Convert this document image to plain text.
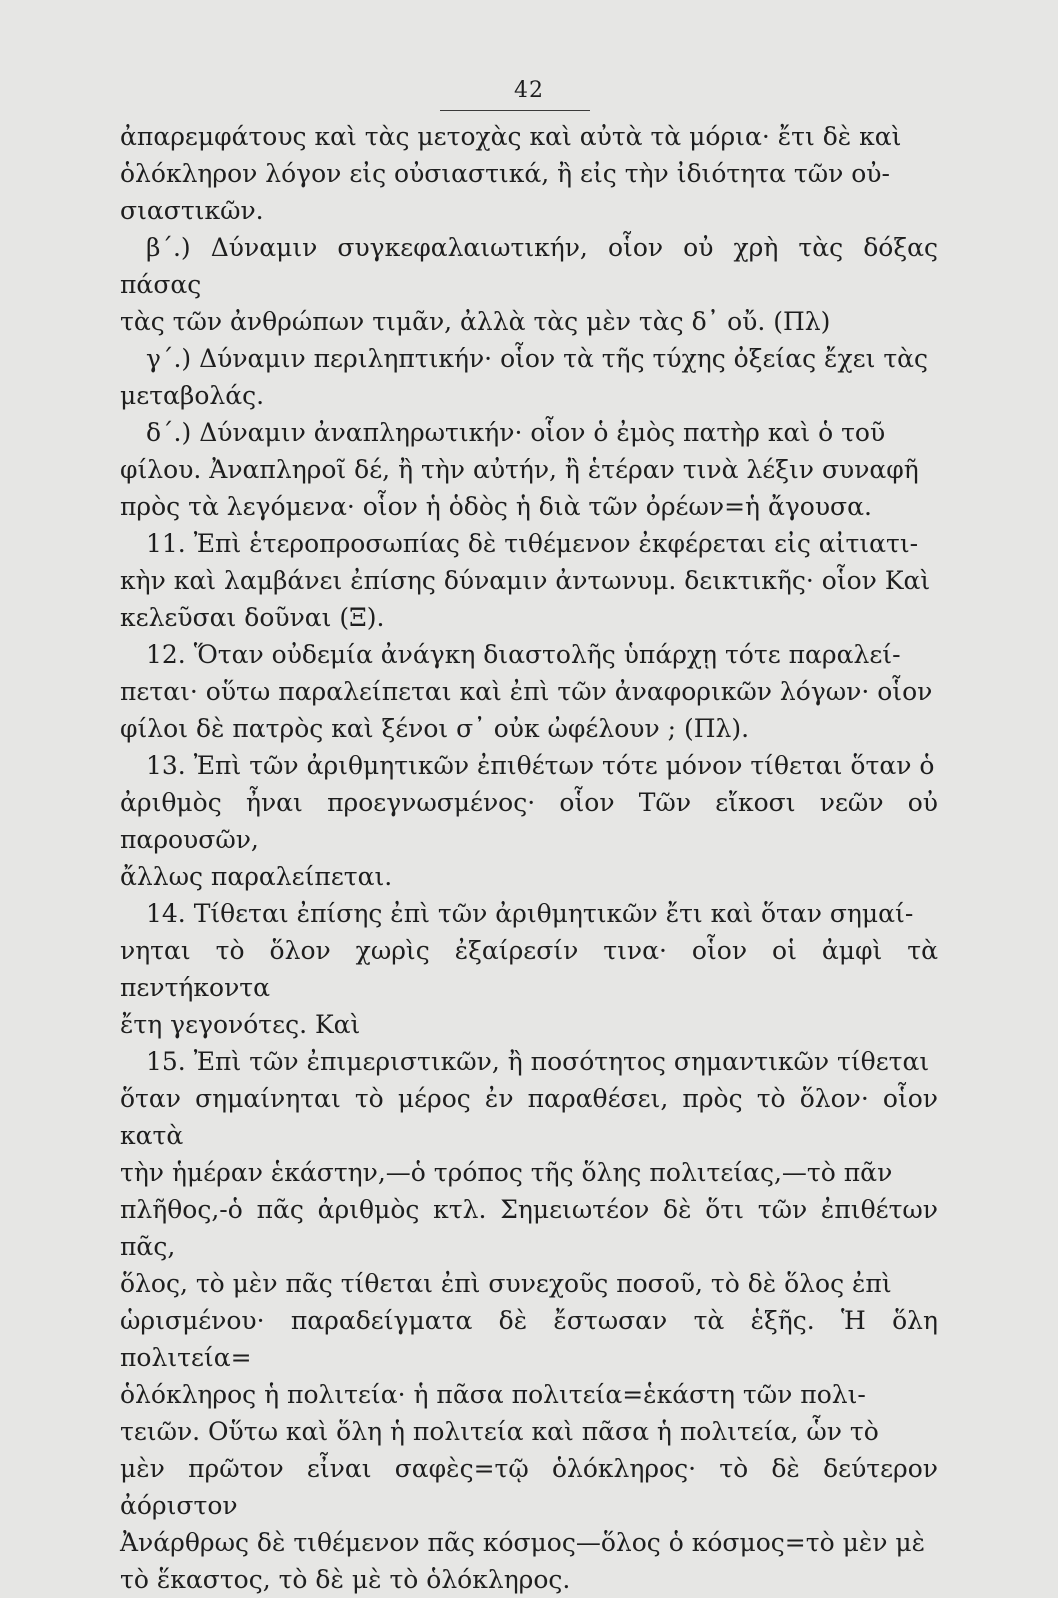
42

ἀπαρεμφάτους καὶ τὰς μετοχὰς καὶ αὐτὰ τὰ μόρια· ἔτι δὲ καὶ

ὁλόκληρον λόγον εἰς οὐσιαστικά, ἢ εἰς τὴν ἰδιότητα τῶν οὐ-

σιαστικῶν.

β΄.) Δύναμιν συγκεφαλαιωτικήν, οἷον οὐ χρὴ τὰς δόξας πάσας

τὰς τῶν ἀνθρώπων τιμᾶν, ἀλλὰ τὰς μὲν τὰς δ᾿ οὔ. (Πλ)

γ΄.) Δύναμιν περιληπτικήν· οἷον τὰ τῆς τύχης ὀξείας ἔχει τὰς

μεταβολάς.

δ΄.) Δύναμιν ἀναπληρωτικήν· οἷον ὁ ἐμὸς πατὴρ καὶ ὁ τοῦ

φίλου. Ἀναπληροῖ δέ, ἢ τὴν αὐτήν, ἢ ἑτέραν τινὰ λέξιν συναφῆ

πρὸς τὰ λεγόμενα· οἷον ἡ ὁδὸς ἡ διὰ τῶν ὀρέων=ἡ ἄγουσα.

11. Ἐπὶ ἑτεροπροσωπίας δὲ τιθέμενον ἐκφέρεται εἰς αἰτιατι-

κὴν καὶ λαμβάνει ἐπίσης δύναμιν ἀντωνυμ. δεικτικῆς· οἷον Καὶ

κελεῦσαι δοῦναι (Ξ).

12. Ὅταν οὐδεμία ἀνάγκη διαστολῆς ὑπάρχῃ τότε παραλεί-

πεται· οὕτω παραλείπεται καὶ ἐπὶ τῶν ἀναφορικῶν λόγων· οἷον

φίλοι δὲ πατρὸς καὶ ξένοι σ᾿ οὐκ ὠφέλουν ; (Πλ).

13. Ἐπὶ τῶν ἀριθμητικῶν ἐπιθέτων τότε μόνον τίθεται ὅταν ὁ

ἀριθμὸς ἦναι προεγνωσμένος· οἷον Τῶν εἴκοσι νεῶν οὐ παρουσῶν,

ἄλλως παραλείπεται.

14. Τίθεται ἐπίσης ἐπὶ τῶν ἀριθμητικῶν ἔτι καὶ ὅταν σημαί-

νηται τὸ ὅλον χωρὶς ἐξαίρεσίν τινα· οἷον οἱ ἀμφὶ τὰ πεντήκοντα

ἔτη γεγονότες. Καὶ

15. Ἐπὶ τῶν ἐπιμεριστικῶν, ἢ ποσότητος σημαντικῶν τίθεται

ὅταν σημαίνηται τὸ μέρος ἐν παραθέσει, πρὸς τὸ ὅλον· οἷον κατὰ

τὴν ἡμέραν ἑκάστην,—ὁ τρόπος τῆς ὅλης πολιτείας,—τὸ πᾶν

πλῆθος,-ὁ πᾶς ἀριθμὸς κτλ. Σημειωτέον δὲ ὅτι τῶν ἐπιθέτων πᾶς,

ὅλος, τὸ μὲν πᾶς τίθεται ἐπὶ συνεχοῦς ποσοῦ, τὸ δὲ ὅλος ἐπὶ

ὡρισμένου· παραδείγματα δὲ ἔστωσαν τὰ ἑξῆς. Ἡ ὅλη πολιτεία=

ὁλόκληρος ἡ πολιτεία· ἡ πᾶσα πολιτεία=ἑκάστη τῶν πολι-

τειῶν. Οὕτω καὶ ὅλη ἡ πολιτεία καὶ πᾶσα ἡ πολιτεία, ὧν τὸ

μὲν πρῶτον εἶναι σαφὲς=τῷ ὁλόκληρος· τὸ δὲ δεύτερον ἀόριστον

Ἀνάρθρως δὲ τιθέμενον πᾶς κόσμος—ὅλος ὁ κόσμος=τὸ μὲν μὲ

τὸ ἕκαστος, τὸ δὲ μὲ τὸ ὁλόκληρος.
